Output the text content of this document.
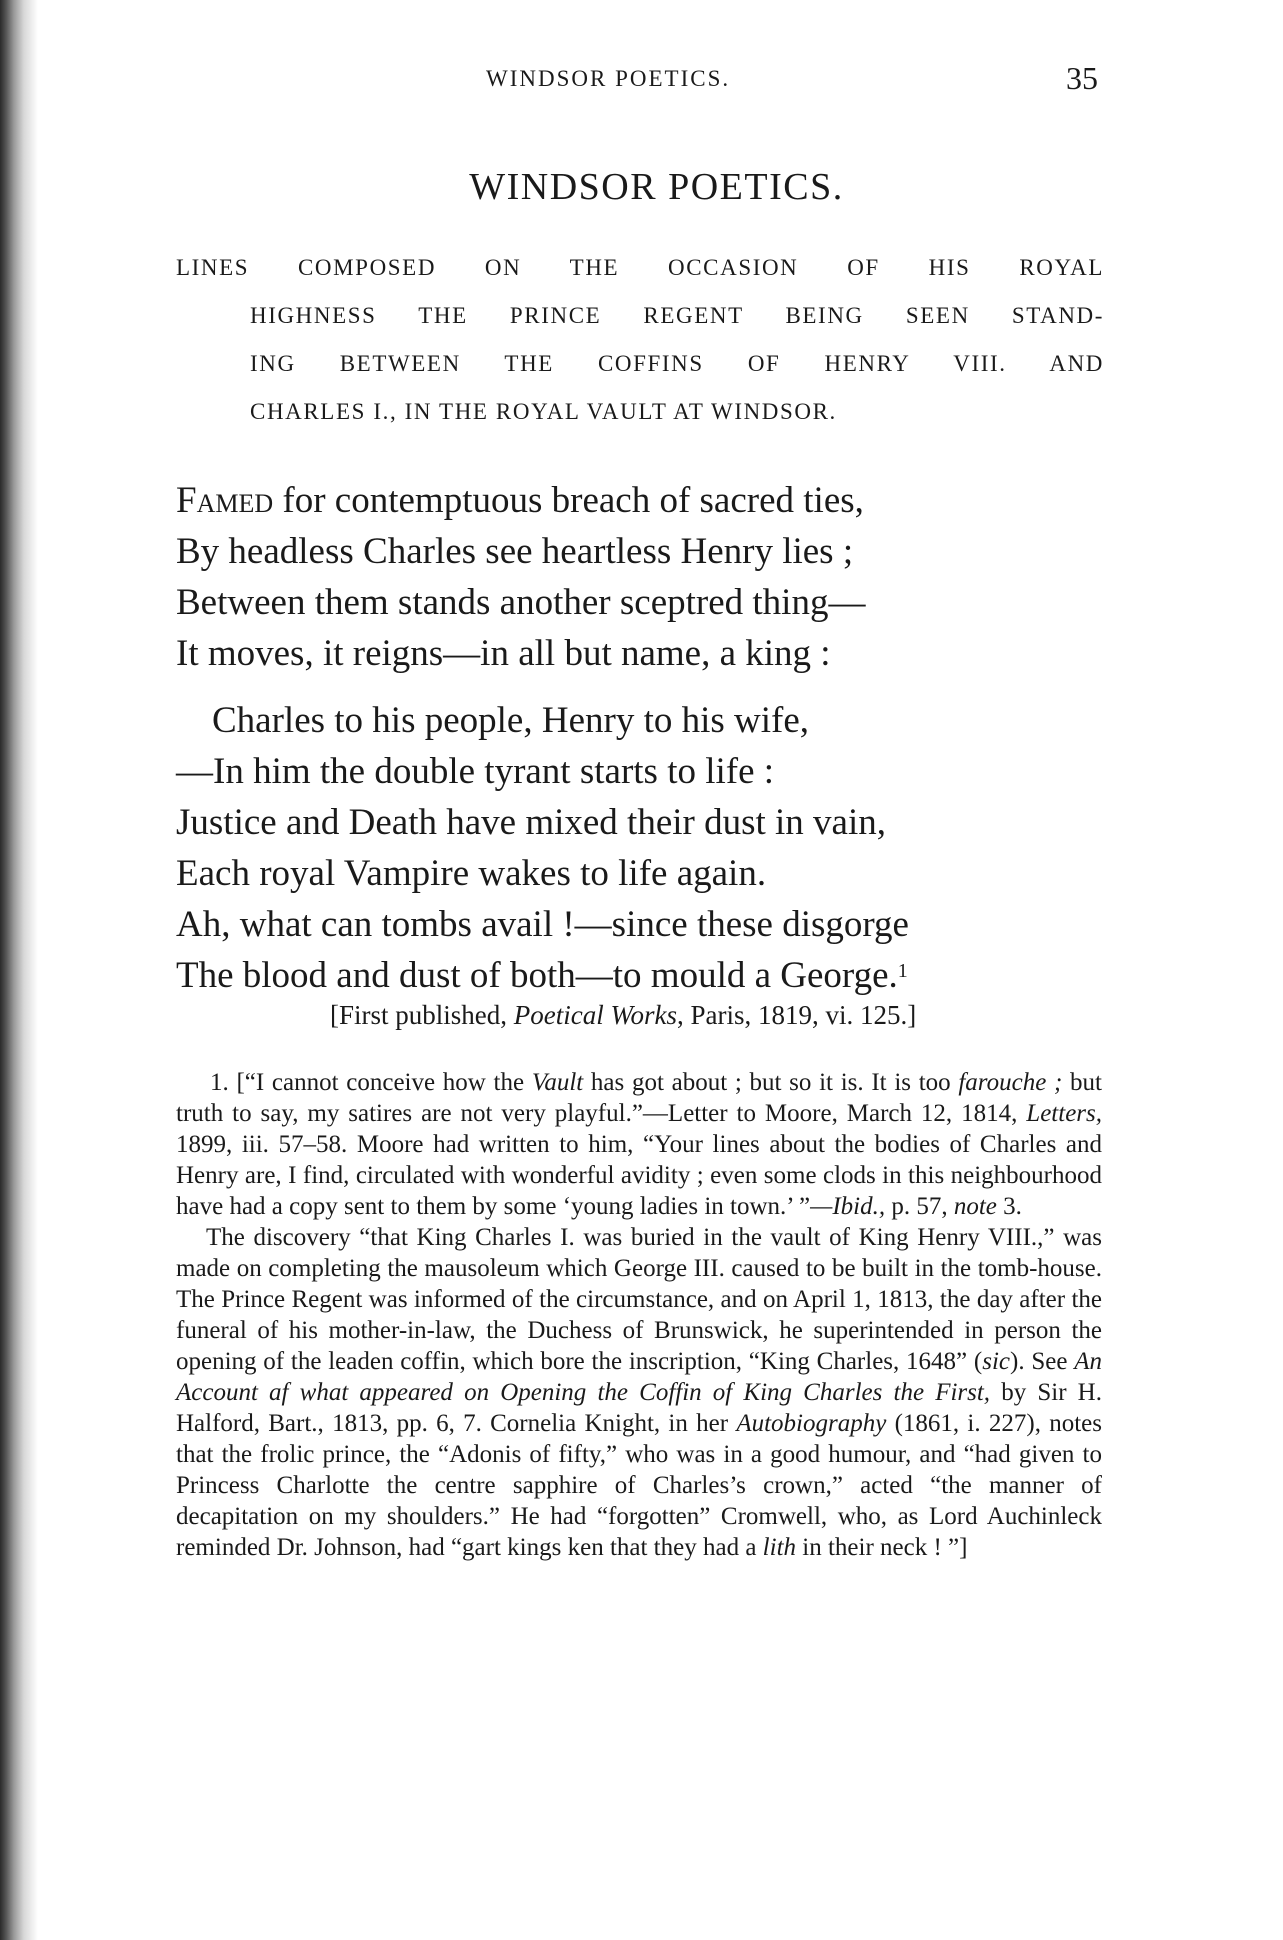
WINDSOR POETICS.	35
WINDSOR POETICS.
LINES COMPOSED ON THE OCCASION OF HIS ROYAL
HIGHNESS THE PRINCE REGENT BEING SEEN STAND-
ING BETWEEN THE COFFINS OF HENRY VIII. AND
CHARLES I., IN THE ROYAL VAULT AT WINDSOR.
Famed for contemptuous breach of sacred ties,
By headless Charles see heartless Henry lies ;
Between them stands another sceptred thing—
It moves, it reigns—in all but name, a king :
Charles to his people, Henry to his wife,
—In him the double tyrant starts to life :
Justice and Death have mixed their dust in vain,
Each royal Vampire wakes to life again.
Ah, what can tombs avail !—since these disgorge
The blood and dust of both—to mould a George.$^1$
[First published, Poetical Works, Paris, 1819, vi. 125.]

1. [“I cannot conceive how the Vault has got about ; but so it is. It is too farouche ; but truth to say, my satires are not very playful.”—Letter to Moore, March 12, 1814, Letters, 1899, iii. 57–58. Moore had written to him, “Your lines about the bodies of Charles and Henry are, I find, circulated with wonderful avidity ; even some clods in this neighbourhood have had a copy sent to them by some ‘young ladies in town.’ ”—Ibid., p. 57, note 3.

The discovery “that King Charles I. was buried in the vault of King Henry VIII.,” was made on completing the mausoleum which George III. caused to be built in the tomb-house. The Prince Regent was informed of the circumstance, and on April 1, 1813, the day after the funeral of his mother-in-law, the Duchess of Brunswick, he superintended in person the opening of the leaden coffin, which bore the inscription, “King Charles, 1648” (sic). See An Account af what appeared on Opening the Coffin of King Charles the First, by Sir H. Halford, Bart., 1813, pp. 6, 7. Cornelia Knight, in her Autobiography (1861, i. 227), notes that the frolic prince, the “Adonis of fifty,” who was in a good humour, and “had given to Princess Charlotte the centre sapphire of Charles’s crown,” acted “the manner of decapitation on my shoulders.” He had “forgotten” Cromwell, who, as Lord Auchinleck reminded Dr. Johnson, had “gart kings ken that they had a lith in their neck ! ”]
